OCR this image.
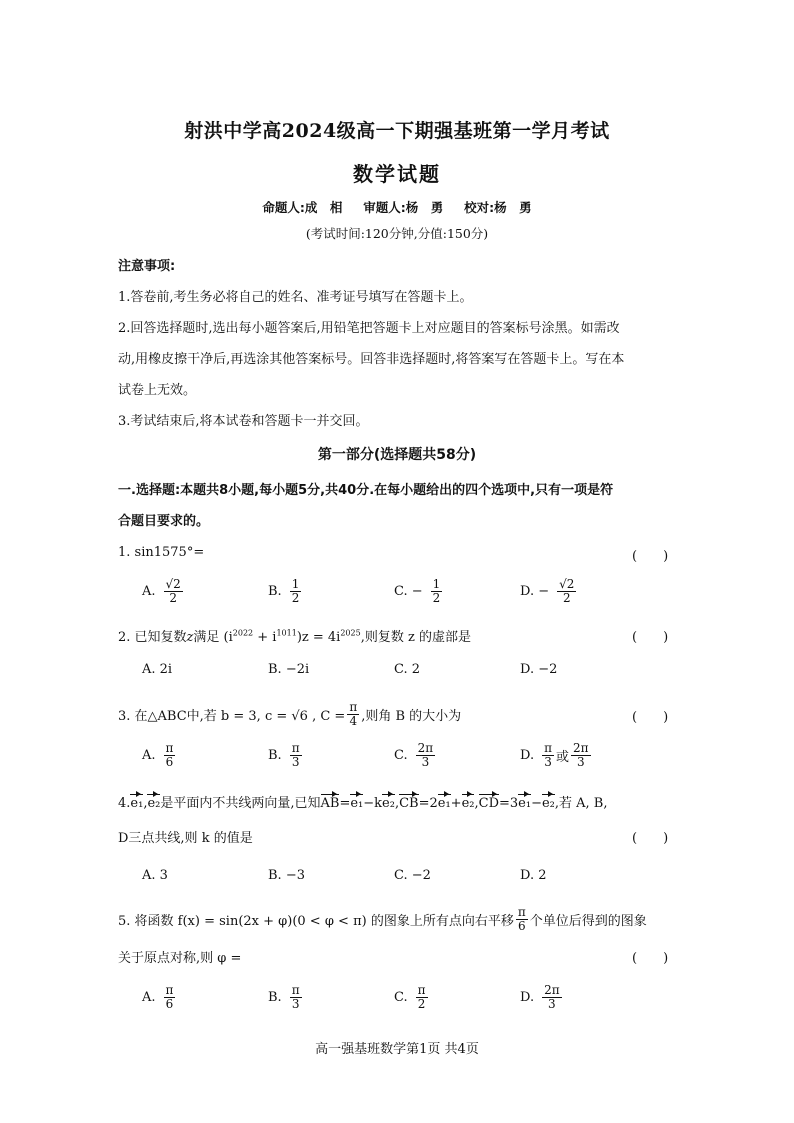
射洪中学高2024级高一下期强基班第一学月考试
数学试题
命题人:成　相　 审题人:杨　勇　 校对:杨　勇
(考试时间:120分钟,分值:150分)
注意事项:
1.答卷前,考生务必将自己的姓名、准考证号填写在答题卡上。
2.回答选择题时,选出每小题答案后,用铅笔把答题卡上对应题目的答案标号涂黑。如需改
动,用橡皮擦干净后,再选涂其他答案标号。回答非选择题时,将答案写在答题卡上。写在本
试卷上无效。
3.考试结束后,将本试卷和答题卡一并交回。
第一部分(选择题共58分)
一.选择题:本题共8小题,每小题5分,共40分.在每小题给出的四个选项中,只有一项是符
合题目要求的。
1. sin1575°=	(　　)
A. $\frac{√2}{2}$	B. $\frac{1}{2}$	C. − $\frac{1}{2}$	D. − $\frac{√2}{2}$
2. 已知复数z满足 $(i^{2022} + i^{1011})z = 4i^{2025}$,则复数 z 的虚部是	(　　)
A. 2i	B. −2i	C. 2	D. −2
3. 在△ABC中,若 b = 3, c = √6 , $C = \frac{\pi}{4}$ ,则角 B 的大小为	(　　)
A. $\frac{\pi}{6}$	B. $\frac{\pi}{3}$	C. $\frac{2\pi}{3}$	D. $\frac{\pi}{3}$ 或 $\frac{2\pi}{3}$
4.e₁,e₂是平面内不共线两向量,已知AB=e₁−ke₂,CB=2e₁+e₂,CD=3e₁−e₂,若 A, B,
D三点共线,则 k 的值是	(　　)
A. 3	B. −3	C. −2	D. 2
5. 将函数 f(x) = sin(2x + φ)(0 < φ < π) 的图象上所有点向右平移 $\frac{\pi}{6}$ 个单位后得到的图象
关于原点对称,则 φ =	(　　)
A. $\frac{\pi}{6}$	B. $\frac{\pi}{3}$	C. $\frac{\pi}{2}$	D. $\frac{2\pi}{3}$
高一强基班数学第1页 共4页
